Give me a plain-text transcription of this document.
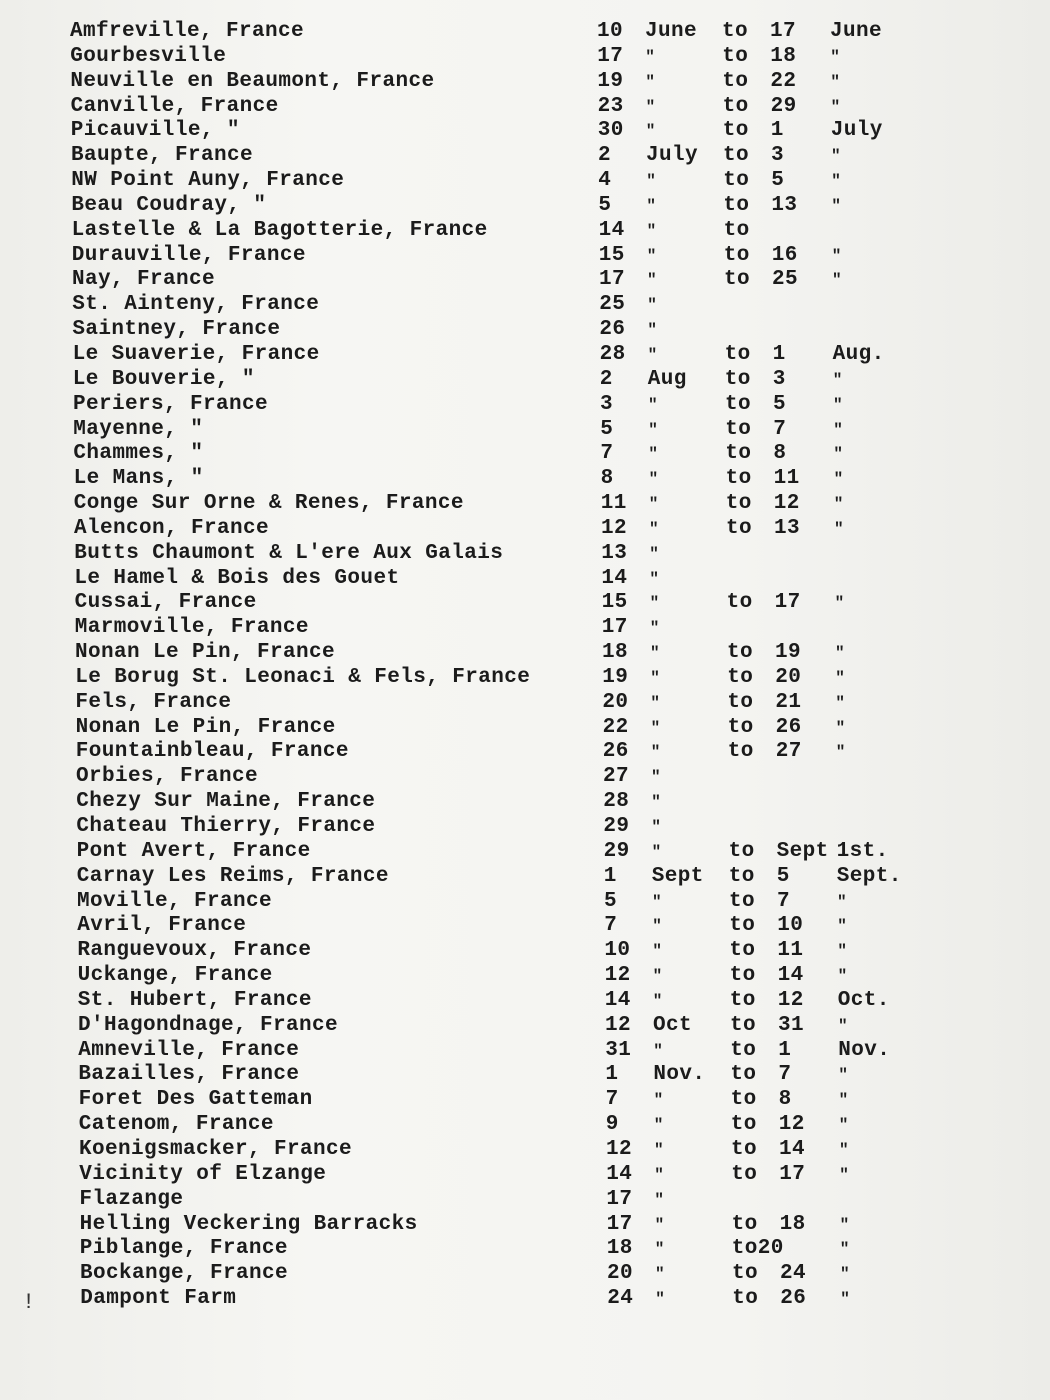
!
Amfreville, France	10 June to 17 June
Gourbesville	17 "	to 18 "
Neuville en Beaumont, France	19 "	to 22 "
Canville, France	23 "	to 29 "
Picauville, "	30 "	to 1 July
Baupte, France	2 July to 3	"
NW Point Auny, France	4 "	to 5	"
Beau Coudray, "	5 "	to 13 "
Lastelle & La Bagotterie, France	14 "	to
Durauville, France	15 "	to 16 "
Nay, France	17 "	to 25 "
St. Ainteny, France	25 "
Saintney, France	26 "
Le Suaverie, France	28 "	to 1 Aug.
Le Bouverie, "	2 Aug to 3	"
Periers, France	3 "	to 5	"
Mayenne, "	5 "	to 7	"
Chammes, "	7 "	to 8	"
Le Mans, "	8 "	to 11 "
Conge Sur Orne & Renes, France	11 "	to 12 "
Alencon, France	12 "	to 13 "
Butts Chaumont & L'ere Aux Galais	13 "
Le Hamel & Bois des Gouet	14 "
Cussai, France	15 "	to 17 "
Marmoville, France	17 "
Nonan Le Pin, France	18 "	to 19 "
Le Borug St. Leonaci & Fels, France	19 "	to 20 "
Fels, France	20 "	to 21 "
Nonan Le Pin, France	22 "	to 26 "
Fountainbleau, France	26 "	to 27 "
Orbies, France	27 "
Chezy Sur Maine, France	28 "
Chateau Thierry, France	29 "
Pont Avert, France	29 "	to Sept 1st.
Carnay Les Reims, France	1 Sept to 5 Sept.
Moville, France	5 "	to 7	"
Avril, France	7 "	to 10 "
Ranguevoux, France	10 "	to 11 "
Uckange, France	12 "	to 14 "
St. Hubert, France	14 "	to 12 Oct.
D'Hagondnage, France	12 Oct to 31 "
Amneville, France	31 "	to 1 Nov.
Bazailles, France	1 Nov. to 7	"
Foret Des Gatteman	7 "	to 8	"
Catenom, France	9 "	to 12 "
Koenigsmacker, France	12 "	to 14 "
Vicinity of Elzange	14 "	to 17 "
Flazange	17 "
Helling Veckering Barracks	17 "	to 18 "
Piblange, France	18 "	to20	"
Bockange, France	20 "	to 24 "
Dampont Farm	24 "	to 26 "
